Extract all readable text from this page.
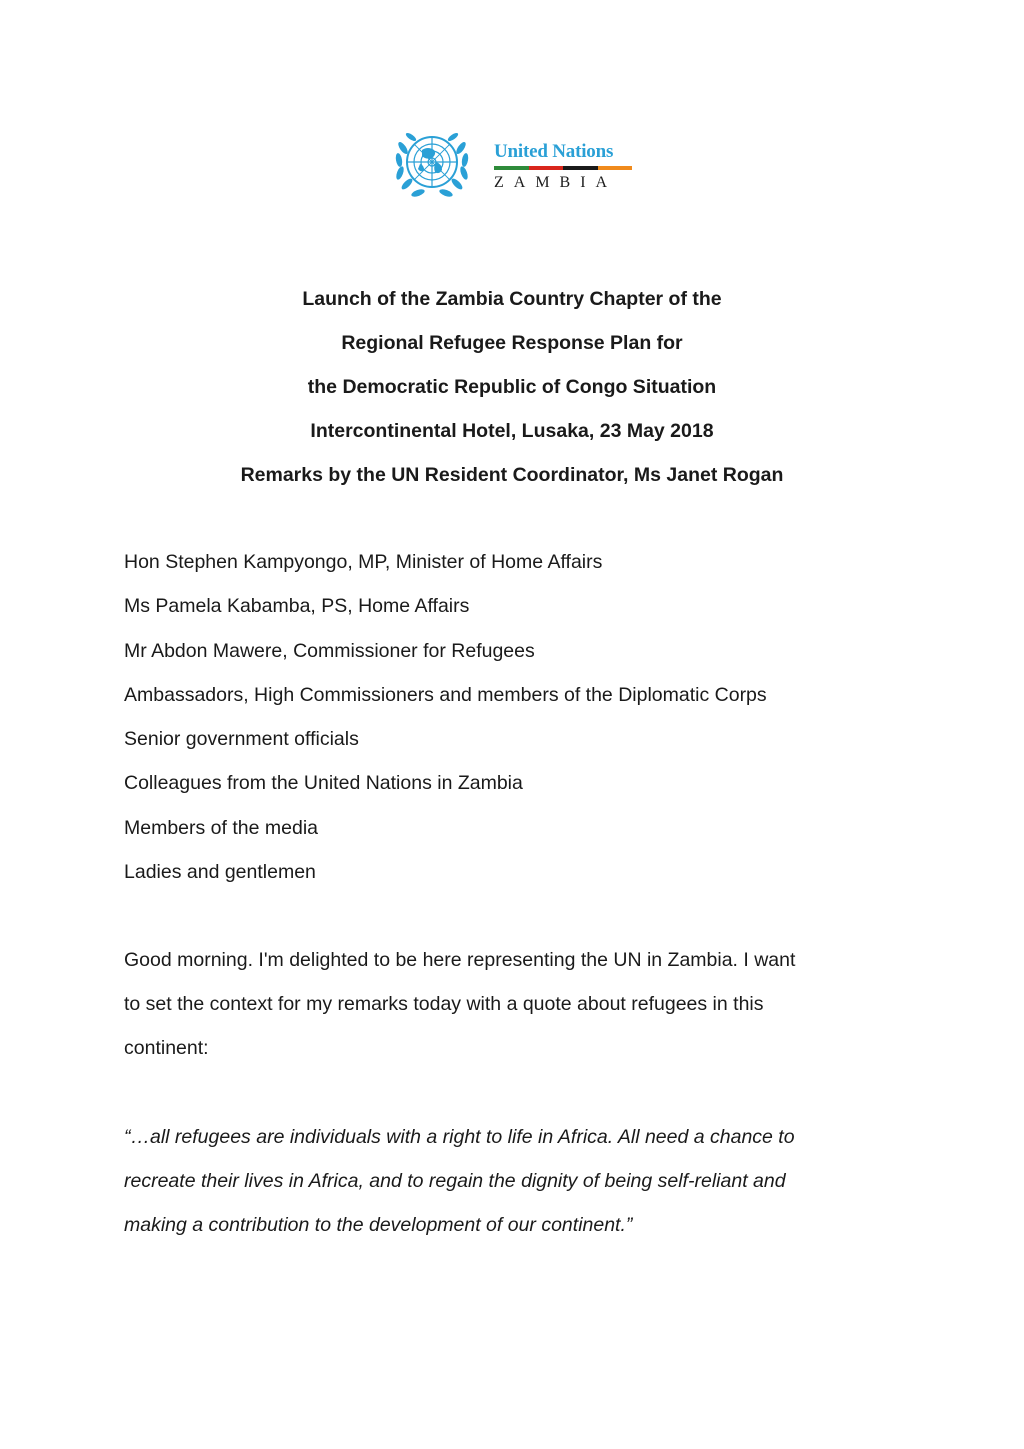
United Nations
ZAMBIA
Launch of the Zambia Country Chapter of the
Regional Refugee Response Plan for
the Democratic Republic of Congo Situation
Intercontinental Hotel, Lusaka, 23 May 2018
Remarks by the UN Resident Coordinator, Ms Janet Rogan
Hon Stephen Kampyongo, MP, Minister of Home Affairs
Ms Pamela Kabamba, PS, Home Affairs
Mr Abdon Mawere, Commissioner for Refugees
Ambassadors, High Commissioners and members of the Diplomatic Corps
Senior government officials
Colleagues from the United Nations in Zambia
Members of the media
Ladies and gentlemen
Good morning. I'm delighted to be here representing the UN in Zambia. I want
to set the context for my remarks today with a quote about refugees in this
continent:
“…all refugees are individuals with a right to life in Africa. All need a chance to
recreate their lives in Africa, and to regain the dignity of being self-reliant and
making a contribution to the development of our continent.”
